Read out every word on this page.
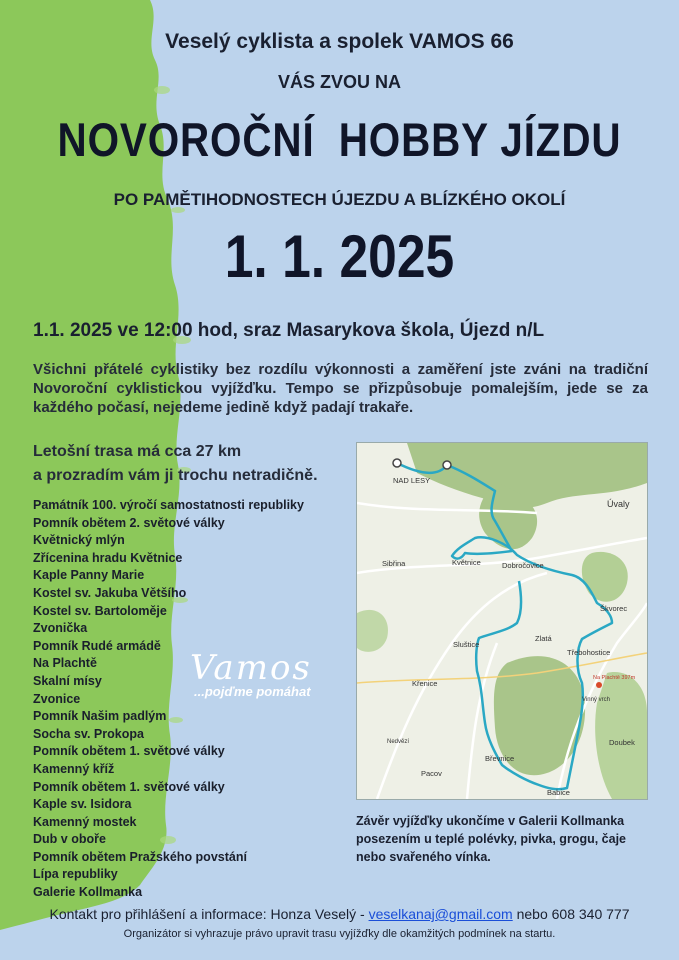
Veselý cyklista a spolek VAMOS 66
VÁS ZVOU NA
NOVOROČNÍ  HOBBY JÍZDU
PO PAMĚTIHODNOSTECH ÚJEZDU A BLÍZKÉHO OKOLÍ
1. 1. 2025
1.1. 2025 ve 12:00 hod, sraz Masarykova škola, Újezd n/L
Všichni přátelé cyklistiky bez rozdílu výkonnosti a zaměření jste zváni na tradiční Novoroční cyklistickou vyjížďku. Tempo se přizpůsobuje pomalejším, jede se za každého počasí, nejedeme jedině když padají trakaře.
Letošní trasa má cca 27 km
a prozradím vám ji trochu netradičně.
Památník 100. výročí samostatnosti republiky
Pomník obětem 2. světové války
Květnický mlýn
Zřícenina hradu Květnice
Kaple Panny Marie
Kostel sv. Jakuba Většího
Kostel sv. Bartoloměje
Zvonička
Pomník Rudé armádě
Na Plachtě
Skalní mísy
Zvonice
Pomník Našim padlým
Socha sv. Prokopa
Pomník obětem 1. světové války
Kamenný kříž
Pomník obětem 1. světové války
Kaple sv. Isidora
Kamenný mostek
Dub v oboře
Pomník obětem Pražského povstání
Lípa republiky
Galerie Kollmanka
NAD LESY
Úvaly
Sibřina	Květnice	Dobročovice
Škvorec
Zlatá
Sluštice
Třebohostice
Křenice
Doubek
Pacov
Břevnice
Babice
Nedvězí
Vinný vrch
Na Plachtě 397m
Vamos
...pojďme pomáhat
Závěr vyjížďky ukončíme v Galerii Kollmanka posezením u teplé polévky, pivka, grogu, čaje nebo svařeného vínka.
Kontakt pro přihlášení a informace: Honza Veselý - veselkanaj@gmail.com nebo 608 340 777
Organizátor si vyhrazuje právo upravit trasu vyjížďky dle okamžitých podmínek na startu.
